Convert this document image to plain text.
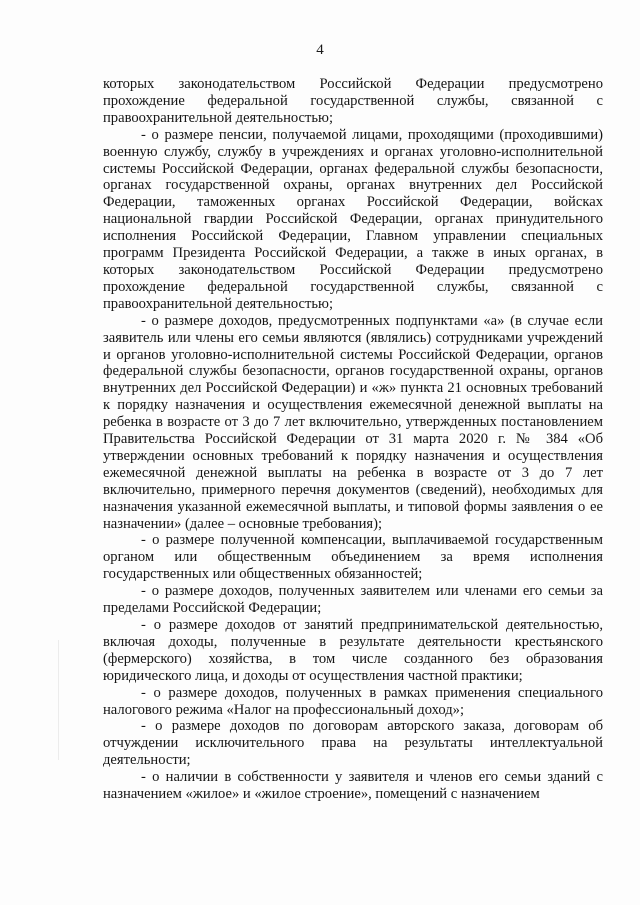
4

которых законодательством Российской Федерации предусмотрено прохождение федеральной государственной службы, связанной с правоохранительной деятельностью;

- о размере пенсии, получаемой лицами, проходящими (проходившими) военную службу, службу в учреждениях и органах уголовно-исполнительной системы Российской Федерации, органах федеральной службы безопасности, органах государственной охраны, органах внутренних дел Российской Федерации, таможенных органах Российской Федерации, войсках национальной гвардии Российской Федерации, органах принудительного исполнения Российской Федерации, Главном управлении специальных программ Президента Российской Федерации, а также в иных органах, в которых законодательством Российской Федерации предусмотрено прохождение федеральной государственной службы, связанной с правоохранительной деятельностью;

- о размере доходов, предусмотренных подпунктами «а» (в случае если заявитель или члены его семьи являются (являлись) сотрудниками учреждений и органов уголовно-исполнительной системы Российской Федерации, органов федеральной службы безопасности, органов государственной охраны, органов внутренних дел Российской Федерации) и «ж» пункта 21 основных требований к порядку назначения и осуществления ежемесячной денежной выплаты на ребенка в возрасте от 3 до 7 лет включительно, утвержденных постановлением Правительства Российской Федерации от 31 марта 2020 г. № 384 «Об утверждении основных требований к порядку назначения и осуществления ежемесячной денежной выплаты на ребенка в возрасте от 3 до 7 лет включительно, примерного перечня документов (сведений), необходимых для назначения указанной ежемесячной выплаты, и типовой формы заявления о ее назначении» (далее – основные требования);

- о размере полученной компенсации, выплачиваемой государственным органом или общественным объединением за время исполнения государственных или общественных обязанностей;

- о размере доходов, полученных заявителем или членами его семьи за пределами Российской Федерации;

- о размере доходов от занятий предпринимательской деятельностью, включая доходы, полученные в результате деятельности крестьянского (фермерского) хозяйства, в том числе созданного без образования юридического лица, и доходы от осуществления частной практики;

- о размере доходов, полученных в рамках применения специального налогового режима «Налог на профессиональный доход»;

- о размере доходов по договорам авторского заказа, договорам об отчуждении исключительного права на результаты интеллектуальной деятельности;

- о наличии в собственности у заявителя и членов его семьи зданий с назначением «жилое» и «жилое строение», помещений с назначением
